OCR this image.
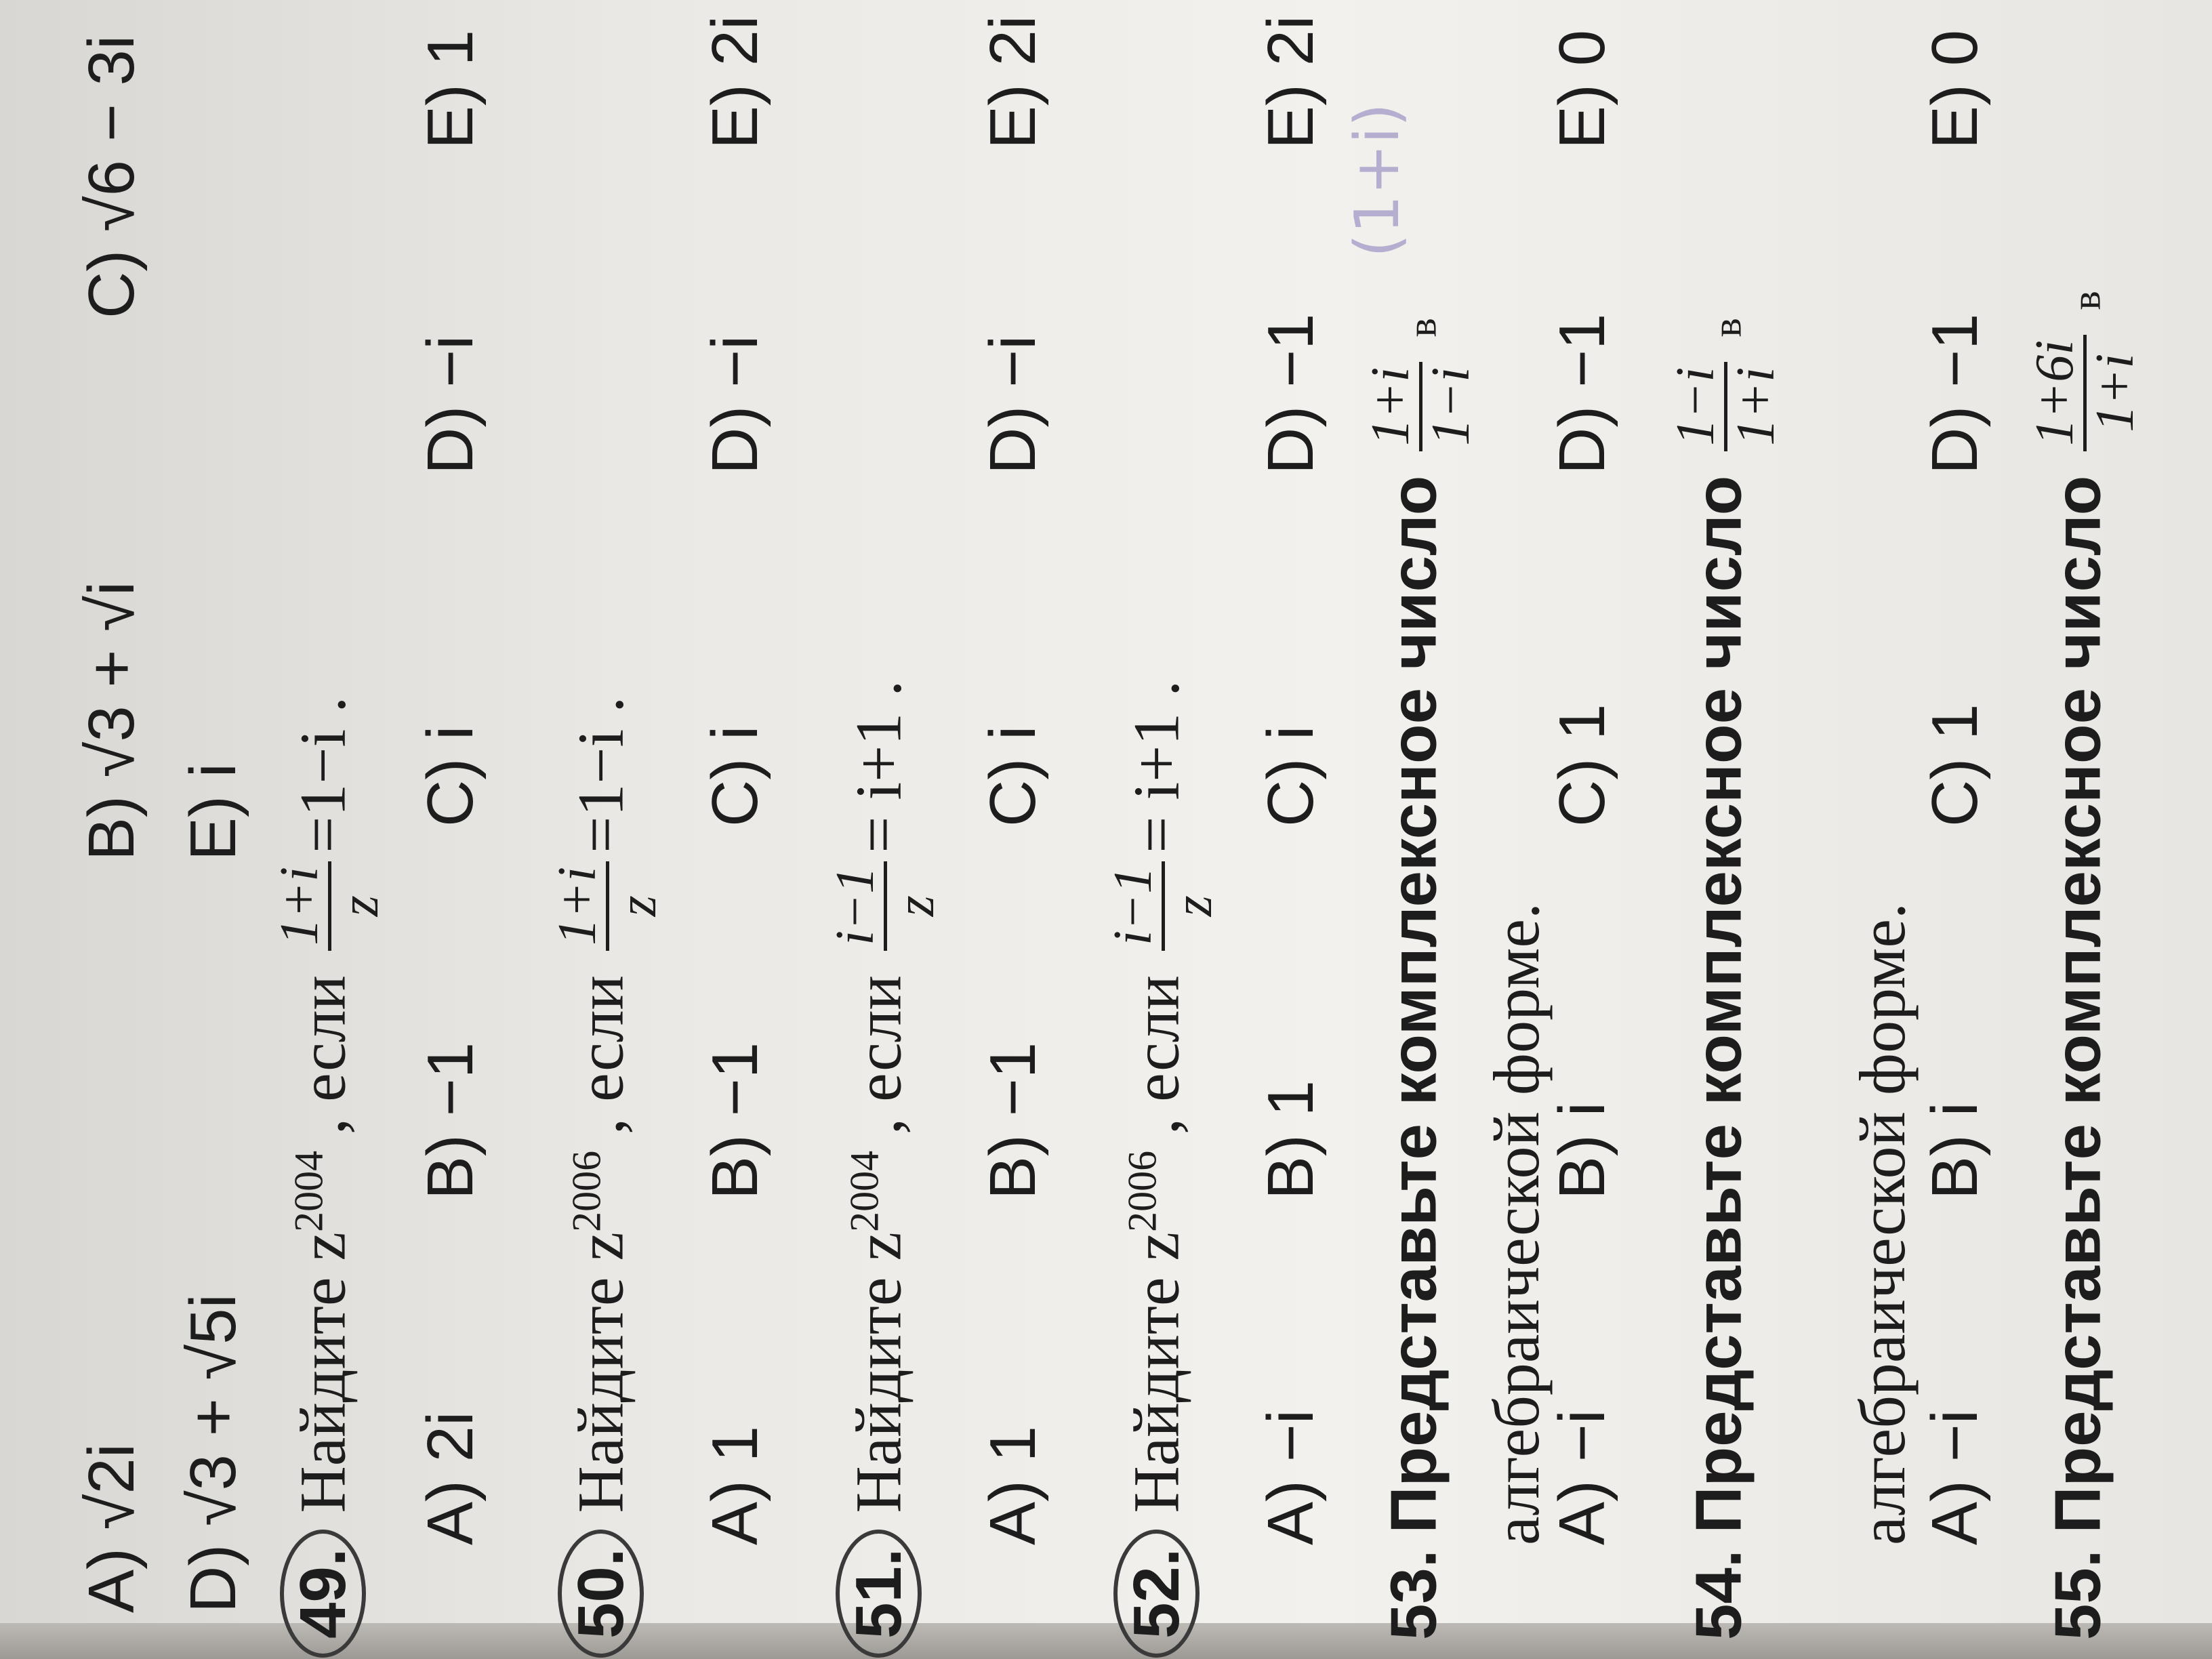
A) √2i
B) √3 + √i
C) √6 − 3i
D) √3 + √5i
E) i
49. Найдите $z^{2004}$ , если
1+i z
=1−i .
A) 2i
B) −1
C) i
D) −i
E) 1
50. Найдите $z^{2006}$ , если
1+i z
=1−i .
A) 1
B) −1
C) i
D) −i
E) 2i
51. Найдите $z^{2004}$ , если
i−1 z
= i+1 .
A) 1
B) −1
C) i
D) −i
E) 2i
52. Найдите $z^{2006}$ , если
i−1 z
= i+1 .
A) −i
B) 1
C) i
D) −1
E) 2i
53. Представьте комплексное число
1+i 1−i
в
алгебраической форме.
A) −i
B) i
C) 1
D) −1
E) 0
(1+i)
54. Представьте комплексное число
1−i 1+i
в
алгебраической форме. A) −i
B) i
C) 1
D) −1
E) 0
55. Представьте комплексное число
1+6i 1+i
в
